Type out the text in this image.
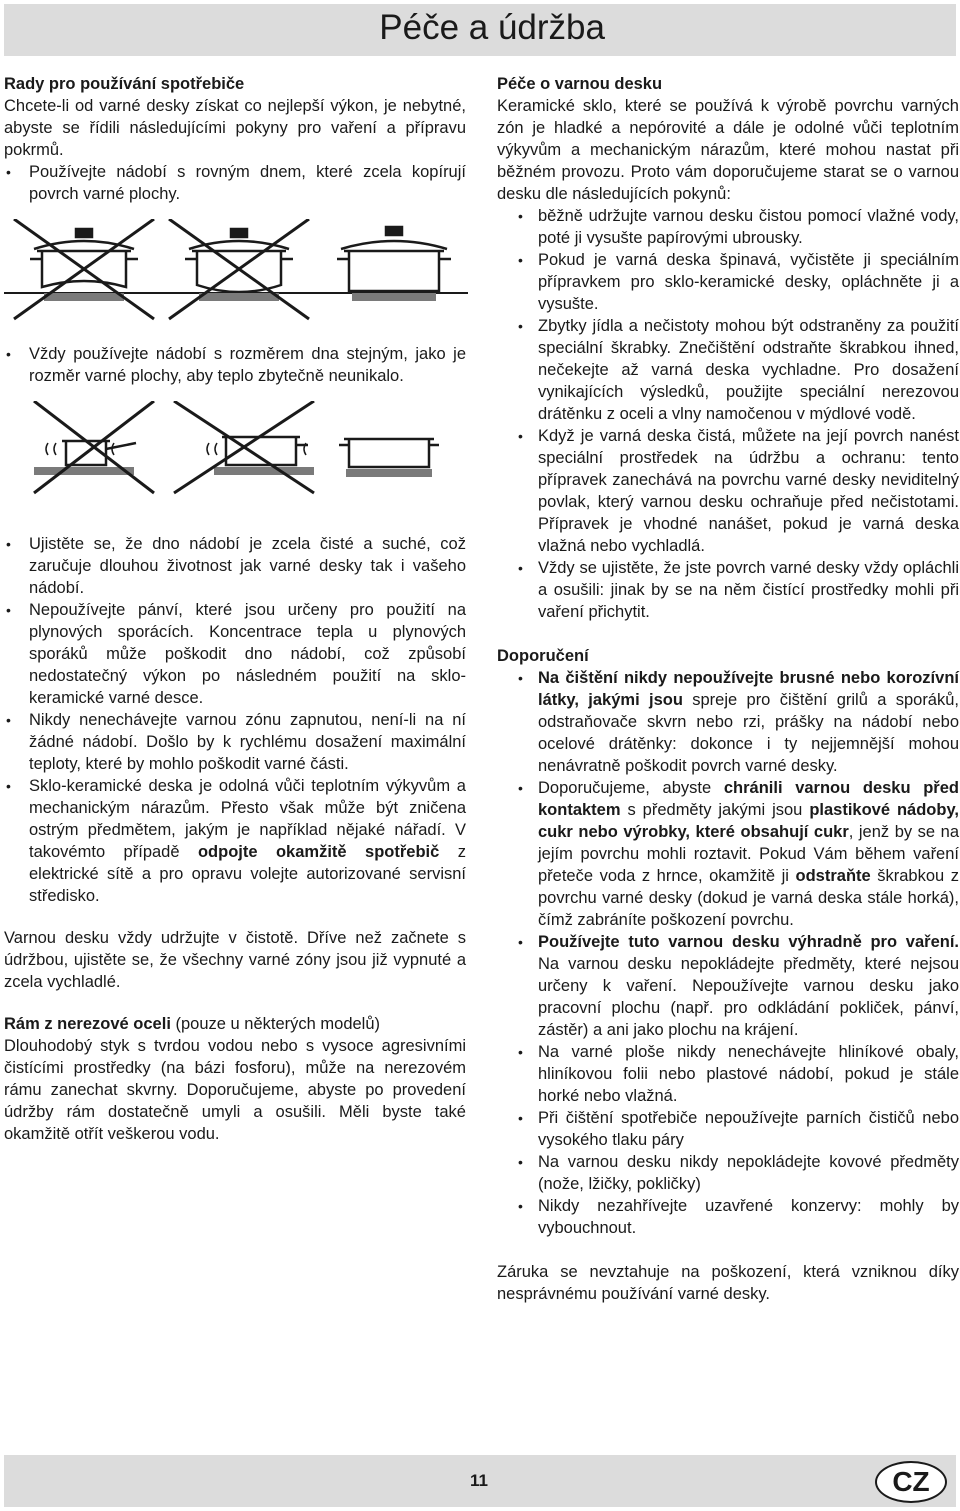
Péče a údržba

Rady pro používání spotřebiče

Chcete-li od varné desky získat co nejlepší výkon, je nebytné, abyste se řídili následujícími pokyny pro vaření a přípravu pokrmů.

• Používejte nádobí s rovným dnem, které zcela kopírují povrch varné plochy.
• Vždy používejte nádobí s rozměrem dna stejným, jako je rozměr varné plochy, aby teplo zbytečně neunikalo.
• Ujistěte se, že dno nádobí je zcela čisté a suché, což zaručuje dlouhou životnost jak varné desky tak i vašeho nádobí.
• Nepoužívejte pánví, které jsou určeny pro použití na plynových sporácích. Koncentrace tepla u plynových sporáků může poškodit dno nádobí, což způsobí nedostatečný výkon po následném použití na sklo-keramické varné desce.
• Nikdy nenechávejte varnou zónu zapnutou, není-li na ní žádné nádobí. Došlo by k rychlému dosažení maximální teploty, které by mohlo poškodit varné části.
• Sklo-keramické deska je odolná vůči teplotním výkyvům a mechanickým nárazům. Přesto však může být zničena ostrým předmětem, jakým je například nějaké nářadí. V takovémto případě odpojte okamžitě spotřebič z elektrické sítě a pro opravu volejte autorizované servisní středisko.

Varnou desku vždy udržujte v čistotě. Dříve než začnete s údržbou, ujistěte se, že všechny varné zóny jsou již vypnuté a zcela vychladlé.

Rám z nerezové oceli (pouze u některých modelů)

Dlouhodobý styk s tvrdou vodou nebo s vysoce agresivními čistícími prostředky (na bázi fosforu), může na nerezovém rámu zanechat skvrny. Doporučujeme, abyste po provedení údržby rám dostatečně umyli a osušili. Měli byste také okamžitě otřít veškerou vodu.

Péče o varnou desku

Keramické sklo, které se používá k výrobě povrchu varných zón je hladké a nepórovité a dále je odolné vůči teplotním výkyvům a mechanickým nárazům, které mohou nastat při běžném provozu. Proto vám doporučujeme starat se o varnou desku dle následujících pokynů:

• běžně udržujte varnou desku čistou pomocí vlažné vody, poté ji vysušte papírovými ubrousky.
• Pokud je varná deska špinavá, vyčistěte ji speciálním přípravkem pro sklo-keramické desky, opláchněte ji a vysušte.
• Zbytky jídla a nečistoty mohou být odstraněny za použití speciální škrabky. Znečištění odstraňte škrabkou ihned, nečekejte až varná deska vychladne. Pro dosažení vynikajících výsledků, použijte speciální nerezovou drátěnku z oceli a vlny namočenou v mýdlové vodě.
• Když je varná deska čistá, můžete na její povrch nanést speciální prostředek na údržbu a ochranu: tento přípravek zanechává na povrchu varné desky neviditelný povlak, který varnou desku ochraňuje před nečistotami. Přípravek je vhodné nanášet, pokud je varná deska vlažná nebo vychladlá.
• Vždy se ujistěte, že jste povrch varné desky vždy opláchli a osušili: jinak by se na něm čistící prostředky mohli při vaření přichytit.

Doporučení

• Na čištění nikdy nepoužívejte brusné nebo korozívní látky, jakými jsou spreje pro čištění grilů a sporáků, odstraňovače skvrn nebo rzi, prášky na nádobí nebo ocelové drátěnky: dokonce i ty nejjemnější mohou nenávratně poškodit povrch varné desky.
• Doporučujeme, abyste chránili varnou desku před kontaktem s předměty jakými jsou plastikové nádoby, cukr nebo výrobky, které obsahují cukr, jenž by se na jejím povrchu mohli roztavit. Pokud Vám během vaření přeteče voda z hrnce, okamžitě ji odstraňte škrabkou z povrchu varné desky (dokud je varná deska stále horká), čímž zabráníte poškození povrchu.
• Používejte tuto varnou desku výhradně pro vaření. Na varnou desku nepokládejte předměty, které nejsou určeny k vaření. Nepoužívejte varnou desku jako pracovní plochu (např. pro odkládání pokliček, pánví, zástěr) a ani jako plochu na krájení.
• Na varné ploše nikdy nenechávejte hliníkové obaly, hliníkovou folii nebo plastové nádobí, pokud je stále horké nebo vlažná.
• Při čištění spotřebiče nepoužívejte parních čističů nebo vysokého tlaku páry
• Na varnou desku nikdy nepokládejte kovové předměty (nože, lžičky, pokličky)
• Nikdy nezahřívejte uzavřené konzervy: mohly by vybouchnout.

Záruka se nevztahuje na poškození, která vzniknou díky nesprávnému používání varné desky.

11	CZ
